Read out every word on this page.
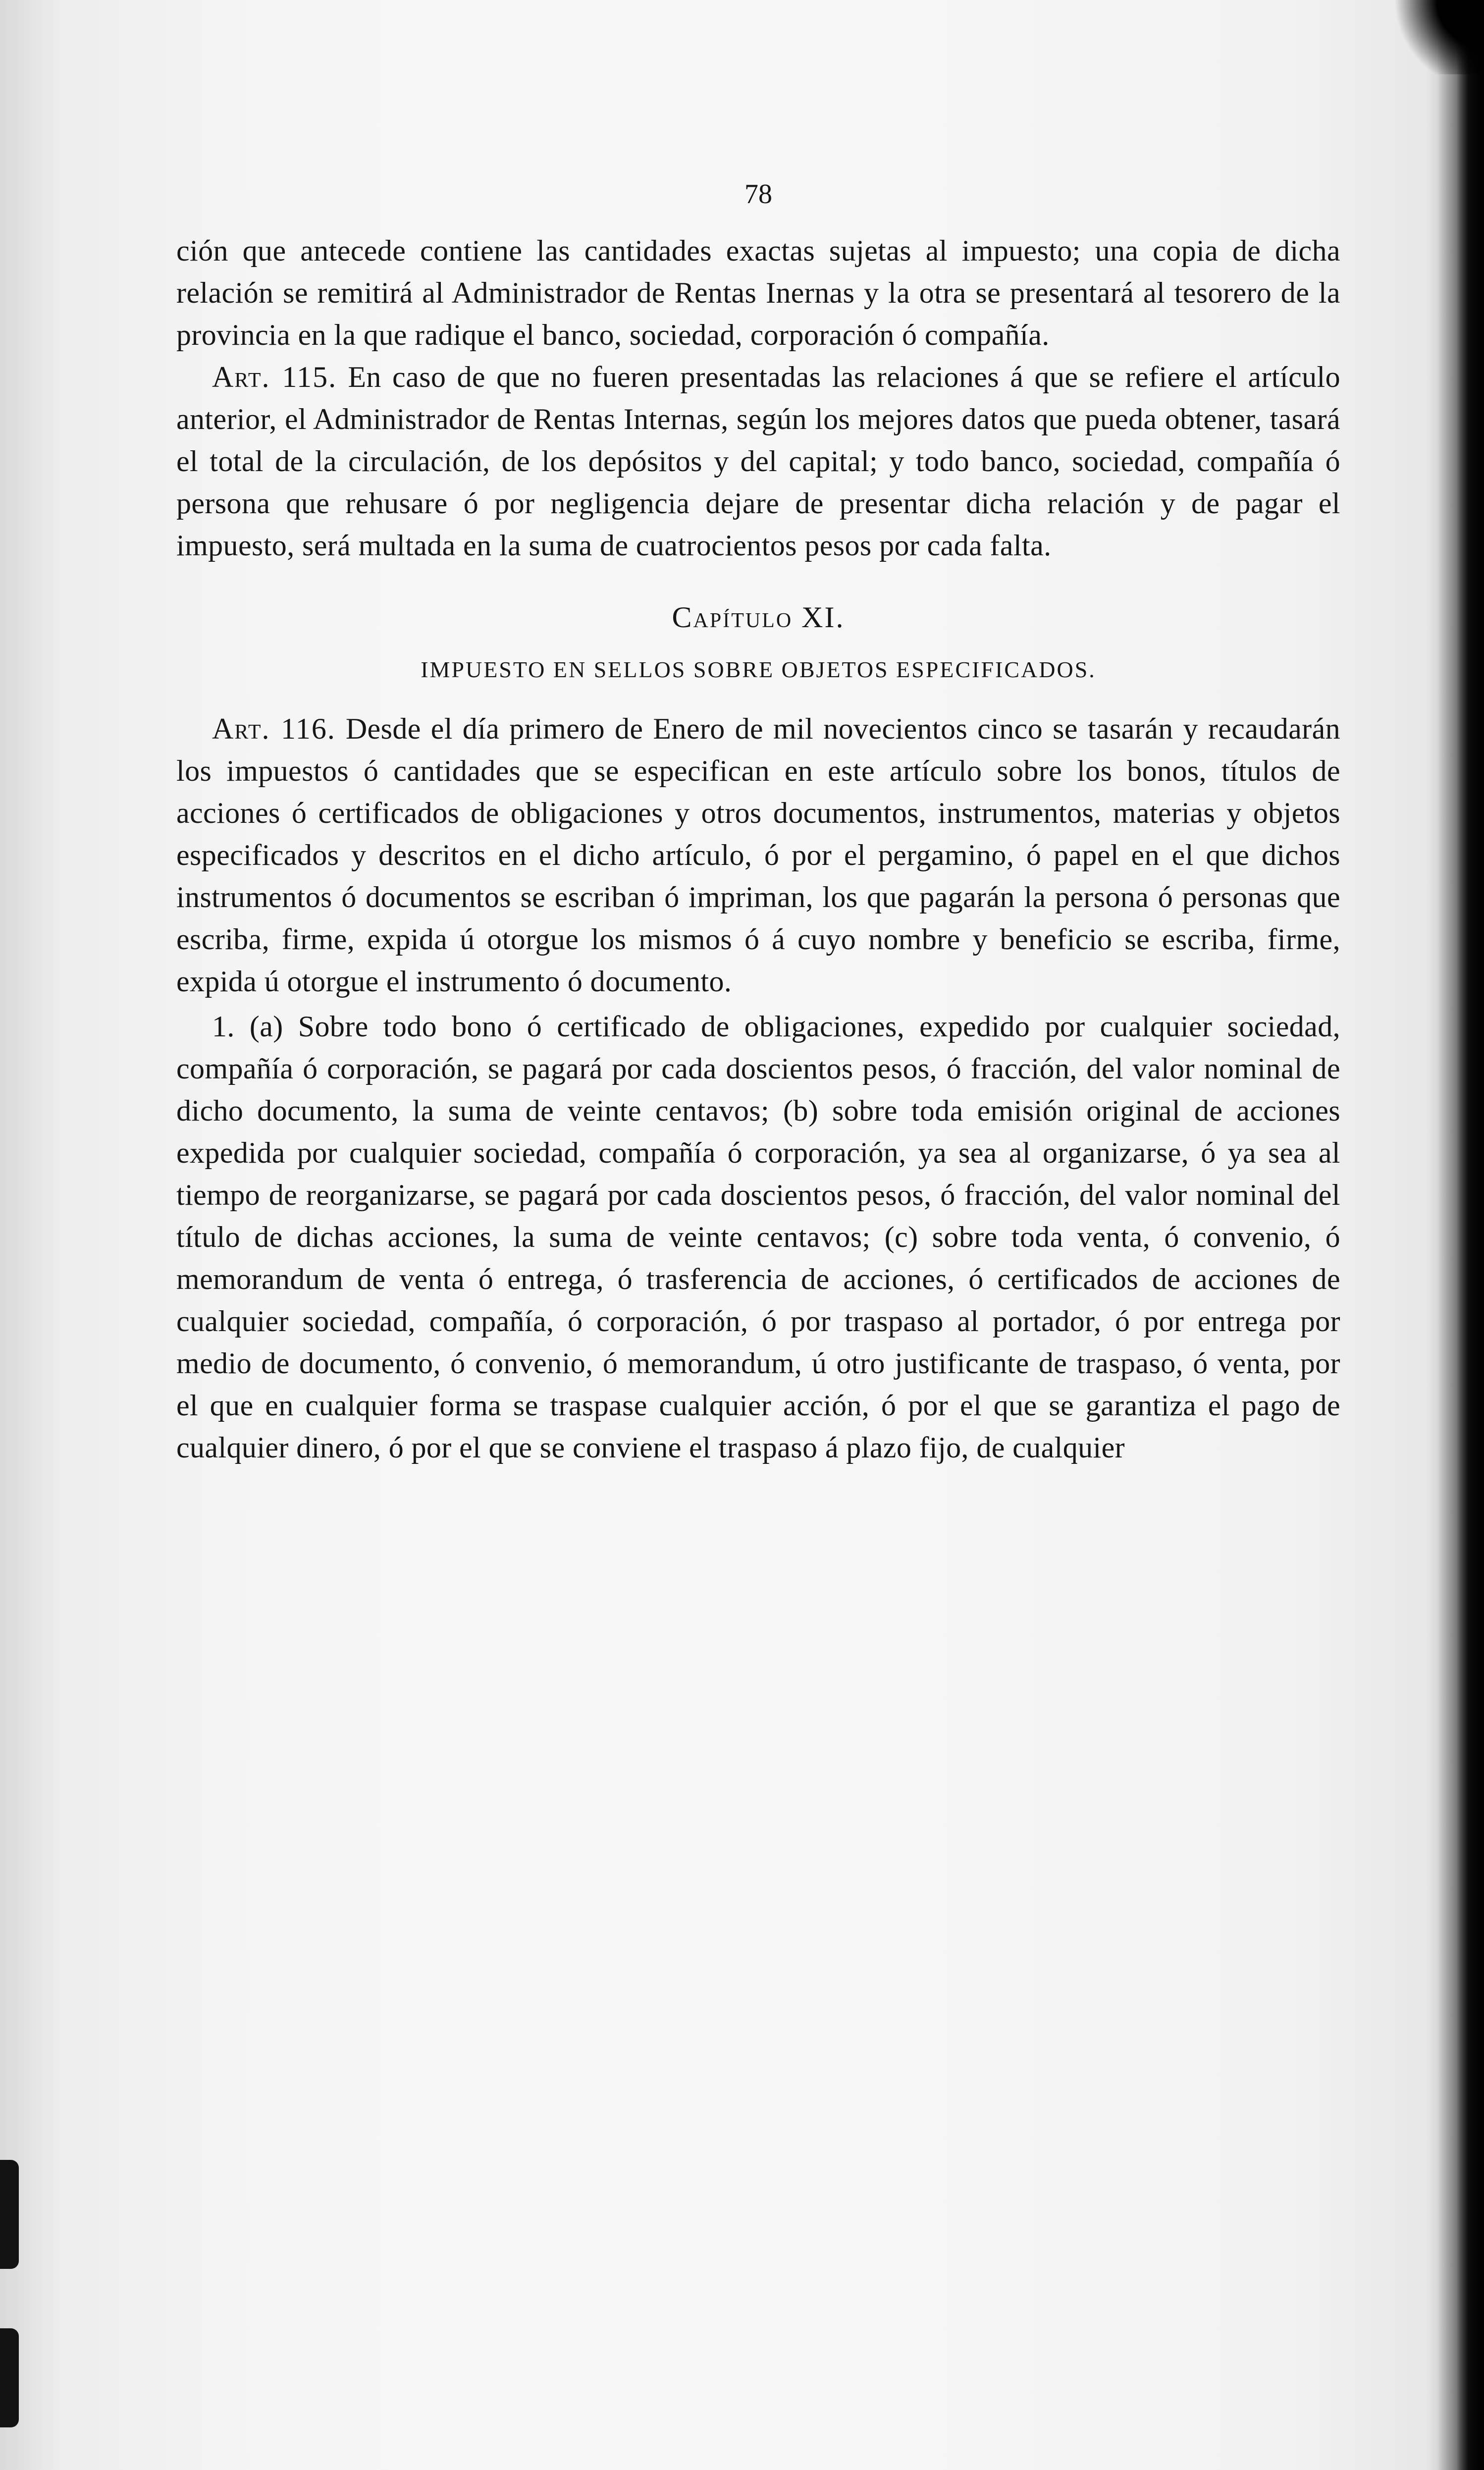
78

ción que antecede contiene las cantidades exactas sujetas al impuesto; una copia de dicha relación se remitirá al Administrador de Rentas Inernas y la otra se presentará al tesorero de la provincia en la que radique el banco, sociedad, corporación ó compañía.

Art. 115. En caso de que no fueren presentadas las relaciones á que se refiere el artículo anterior, el Administrador de Rentas Internas, según los mejores datos que pueda obtener, tasará el total de la circulación, de los depósitos y del capital; y todo banco, sociedad, compañía ó persona que rehusare ó por negligencia dejare de presentar dicha relación y de pagar el impuesto, será multada en la suma de cuatrocientos pesos por cada falta.

Capítulo XI.
IMPUESTO EN SELLOS SOBRE OBJETOS ESPECIFICADOS.

Art. 116. Desde el día primero de Enero de mil novecientos cinco se tasarán y recaudarán los impuestos ó cantidades que se especifican en este artículo sobre los bonos, títulos de acciones ó certificados de obligaciones y otros documentos, instrumentos, materias y objetos especificados y descritos en el dicho artículo, ó por el pergamino, ó papel en el que dichos instrumentos ó documentos se escriban ó impriman, los que pagarán la persona ó personas que escriba, firme, expida ú otorgue los mismos ó á cuyo nombre y beneficio se escriba, firme, expida ú otorgue el instrumento ó documento.

1. (a) Sobre todo bono ó certificado de obligaciones, expedido por cualquier sociedad, compañía ó corporación, se pagará por cada doscientos pesos, ó fracción, del valor nominal de dicho documento, la suma de veinte centavos; (b) sobre toda emisión original de acciones expedida por cualquier sociedad, compañía ó corporación, ya sea al organizarse, ó ya sea al tiempo de reorganizarse, se pagará por cada doscientos pesos, ó fracción, del valor nominal del título de dichas acciones, la suma de veinte centavos; (c) sobre toda venta, ó convenio, ó memorandum de venta ó entrega, ó trasferencia de acciones, ó certificados de acciones de cualquier sociedad, compañía, ó corporación, ó por traspaso al portador, ó por entrega por medio de documento, ó convenio, ó memorandum, ú otro justificante de traspaso, ó venta, por el que en cualquier forma se traspase cualquier acción, ó por el que se garantiza el pago de cualquier dinero, ó por el que se conviene el traspaso á plazo fijo, de cualquier
